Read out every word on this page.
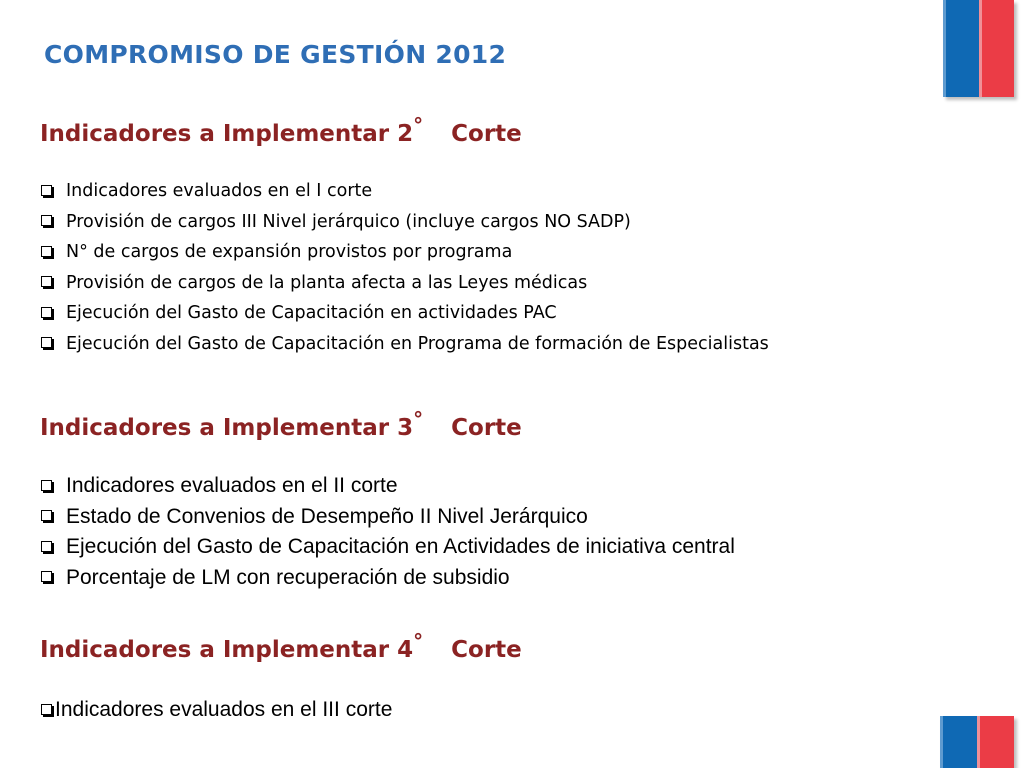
COMPROMISO DE GESTIÓN 2012
Indicadores a Implementar 2° Corte
Indicadores evaluados en el I corte
Provisión de cargos III Nivel jerárquico (incluye cargos NO SADP)
N° de cargos de expansión provistos por programa
Provisión de cargos de la planta afecta a las Leyes médicas
Ejecución del Gasto de Capacitación en actividades PAC
Ejecución del Gasto de Capacitación en Programa de formación de Especialistas
Indicadores a Implementar 3° Corte
Indicadores evaluados en el II corte
Estado de Convenios de Desempeño II Nivel Jerárquico
Ejecución del Gasto de Capacitación en Actividades de iniciativa central
Porcentaje de LM con recuperación de subsidio
Indicadores a Implementar 4° Corte
Indicadores evaluados en el III corte
